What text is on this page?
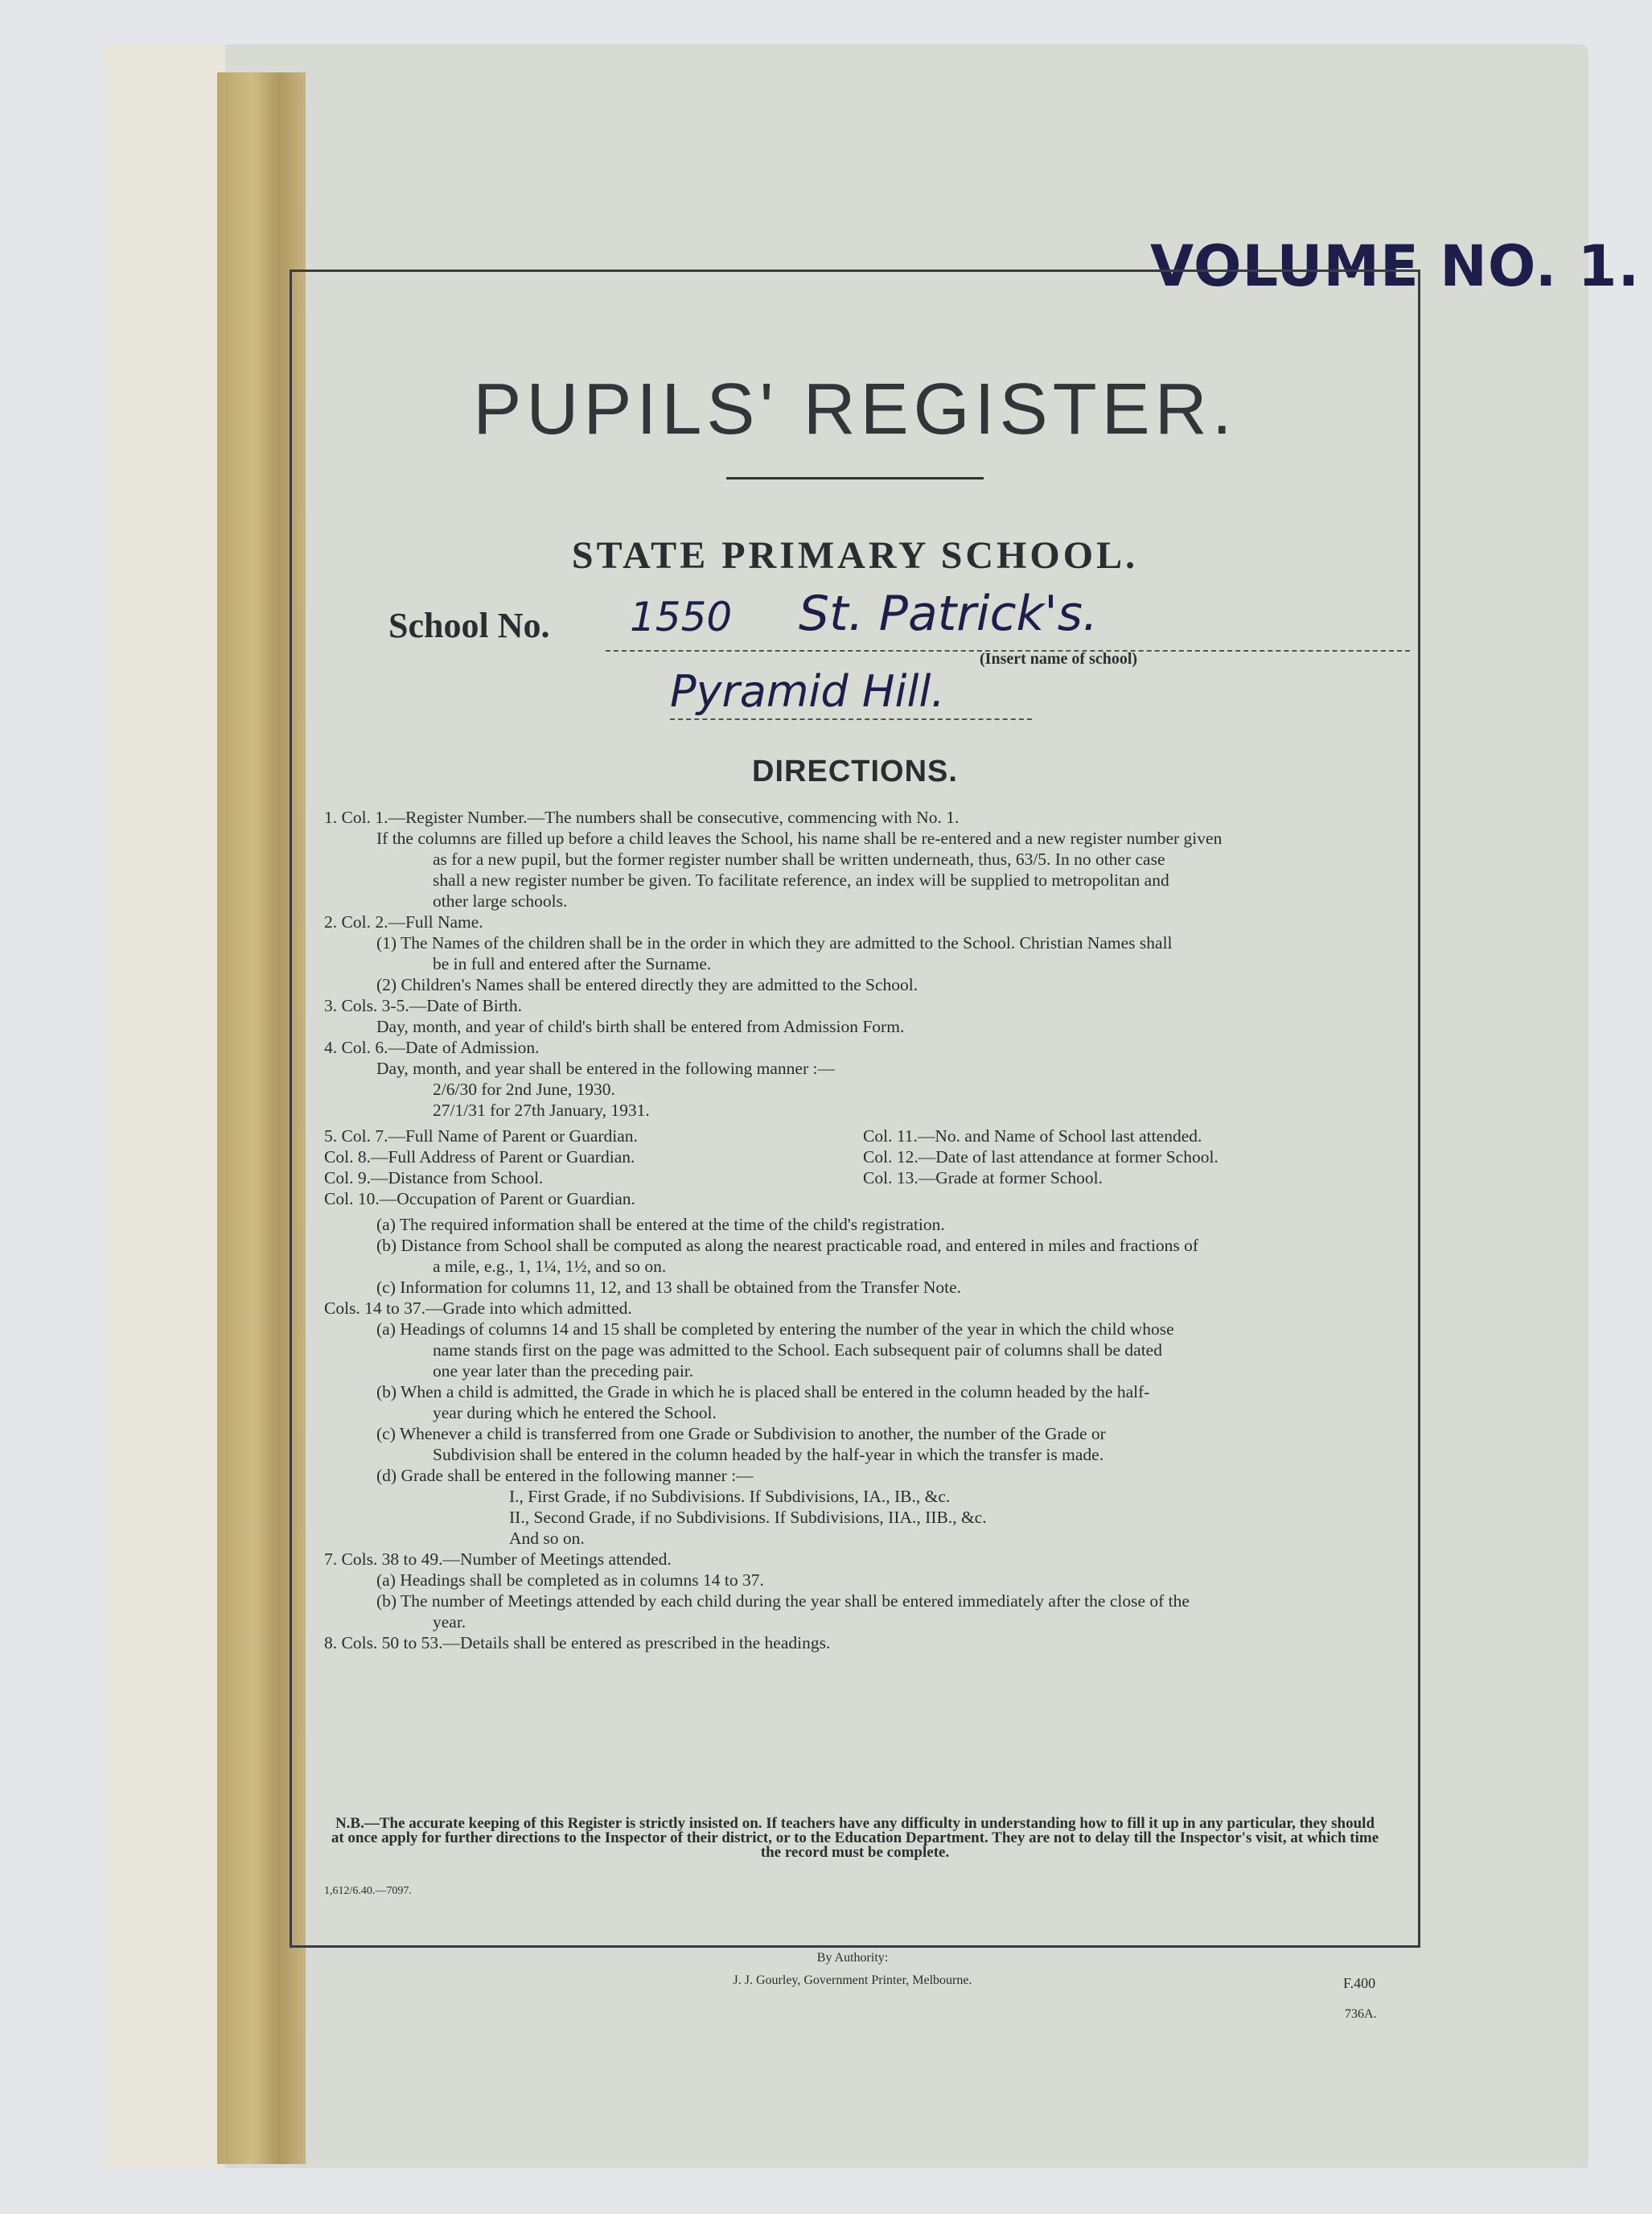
VOLUME NO. 1.
PUPILS' REGISTER.
STATE PRIMARY SCHOOL.
School No. 1550 St. Patrick's.
(Insert name of school)
Pyramid Hill.
DIRECTIONS.

1. Col. 1.—Register Number.—The numbers shall be consecutive, commencing with No. 1.

If the columns are filled up before a child leaves the School, his name shall be re-entered and a new register number given

as for a new pupil, but the former register number shall be written underneath, thus, 63/5. In no other case

shall a new register number be given. To facilitate reference, an index will be supplied to metropolitan and

other large schools.

2. Col. 2.—Full Name.

(1) The Names of the children shall be in the order in which they are admitted to the School. Christian Names shall

be in full and entered after the Surname.

(2) Children's Names shall be entered directly they are admitted to the School.

3. Cols. 3-5.—Date of Birth.

Day, month, and year of child's birth shall be entered from Admission Form.

4. Col. 6.—Date of Admission.

Day, month, and year shall be entered in the following manner :—

2/6/30 for 2nd June, 1930.

27/1/31 for 27th January, 1931.

5. Col. 7.—Full Name of Parent or Guardian.

Col. 8.—Full Address of Parent or Guardian.

Col. 9.—Distance from School.

Col. 10.—Occupation of Parent or Guardian.

Col. 11.—No. and Name of School last attended.

Col. 12.—Date of last attendance at former School.

Col. 13.—Grade at former School.

(a) The required information shall be entered at the time of the child's registration.

(b) Distance from School shall be computed as along the nearest practicable road, and entered in miles and fractions of

a mile, e.g., 1, 1¼, 1½, and so on.

(c) Information for columns 11, 12, and 13 shall be obtained from the Transfer Note.

Cols. 14 to 37.—Grade into which admitted.

(a) Headings of columns 14 and 15 shall be completed by entering the number of the year in which the child whose

name stands first on the page was admitted to the School. Each subsequent pair of columns shall be dated

one year later than the preceding pair.

(b) When a child is admitted, the Grade in which he is placed shall be entered in the column headed by the half-

year during which he entered the School.

(c) Whenever a child is transferred from one Grade or Subdivision to another, the number of the Grade or

Subdivision shall be entered in the column headed by the half-year in which the transfer is made.

(d) Grade shall be entered in the following manner :—

I., First Grade, if no Subdivisions. If Subdivisions, IA., IB., &c.

II., Second Grade, if no Subdivisions. If Subdivisions, IIA., IIB., &c.

And so on.

7. Cols. 38 to 49.—Number of Meetings attended.

(a) Headings shall be completed as in columns 14 to 37.

(b) The number of Meetings attended by each child during the year shall be entered immediately after the close of the

year.

8. Cols. 50 to 53.—Details shall be entered as prescribed in the headings.

N.B.—The accurate keeping of this Register is strictly insisted on. If teachers have any difficulty in understanding how to fill it up in any particular, they should at once apply for further directions to the Inspector of their district, or to the Education Department. They are not to delay till the Inspector's visit, at which time the record must be complete.
1,612/6.40.—7097.
By Authority:
J. J. Gourley, Government Printer, Melbourne.	F.400
736A.
